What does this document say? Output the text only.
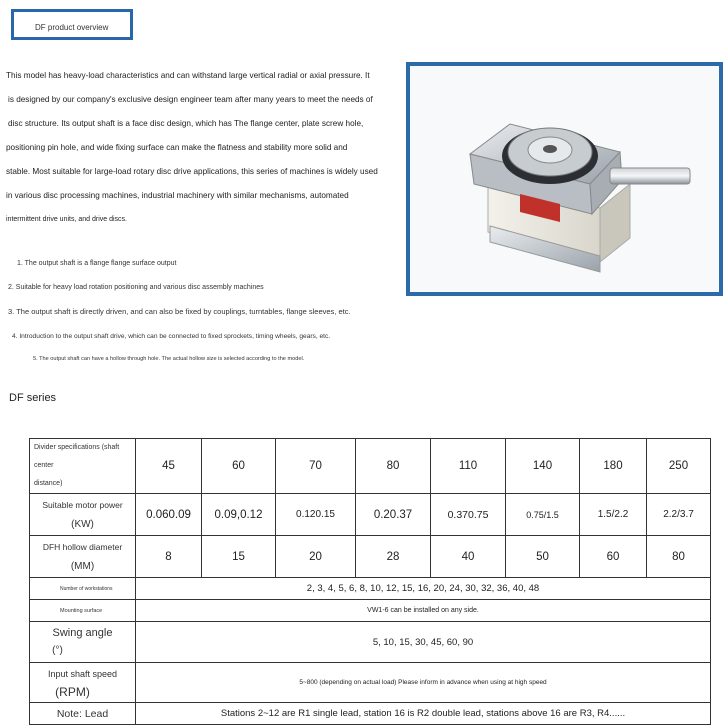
DF product overview
This model has heavy-load characteristics and can withstand large vertical radial or axial pressure. It
is designed by our company's exclusive design engineer team after many years to meet the needs of
disc structure. Its output shaft is a face disc design, which has The flange center, plate screw hole,
positioning pin hole, and wide fixing surface can make the flatness and stability more solid and
stable. Most suitable for large-load rotary disc drive applications, this series of machines is widely used
in various disc processing machines, industrial machinery with similar mechanisms, automated
intermittent drive units, and drive discs.
1. The output shaft is a flange flange surface output
2. Suitable for heavy load rotation positioning and various disc assembly machines
3. The output shaft is directly driven, and can also be fixed by couplings, turntables, flange sleeves, etc.
4. Introduction to the output shaft drive, which can be connected to fixed sprockets, timing wheels, gears, etc.
5. The output shaft can have a hollow through hole. The actual hollow size is selected according to the model.
DF series
Divider specifications (shaft center
distance)	45	60	70	80	110	140	180	250

Suitable motor power
(KW)	0.060.09	0.09,0.12	0.120.15	0.20.37	0.370.75	0.75/1.5	1.5/2.2	2.2/3.7

DFH hollow diameter
(MM)	8	15	20	28	40	50	60	80
Number of workstations	2, 3, 4, 5, 6, 8, 10, 12, 15, 16, 20, 24, 30, 32, 36, 40, 48							
Mounting surface	VW1-6 can be installed on any side.							

Swing angle
(°)	5, 10, 15, 30, 45, 60, 90							

Input shaft speed
(RPM)	5~800 (depending on actual load) Please inform in advance when using at high speed							
Note: Lead	Stations 2~12 are R1 single lead, station 16 is R2 double lead, stations above 16 are R3, R4......							
